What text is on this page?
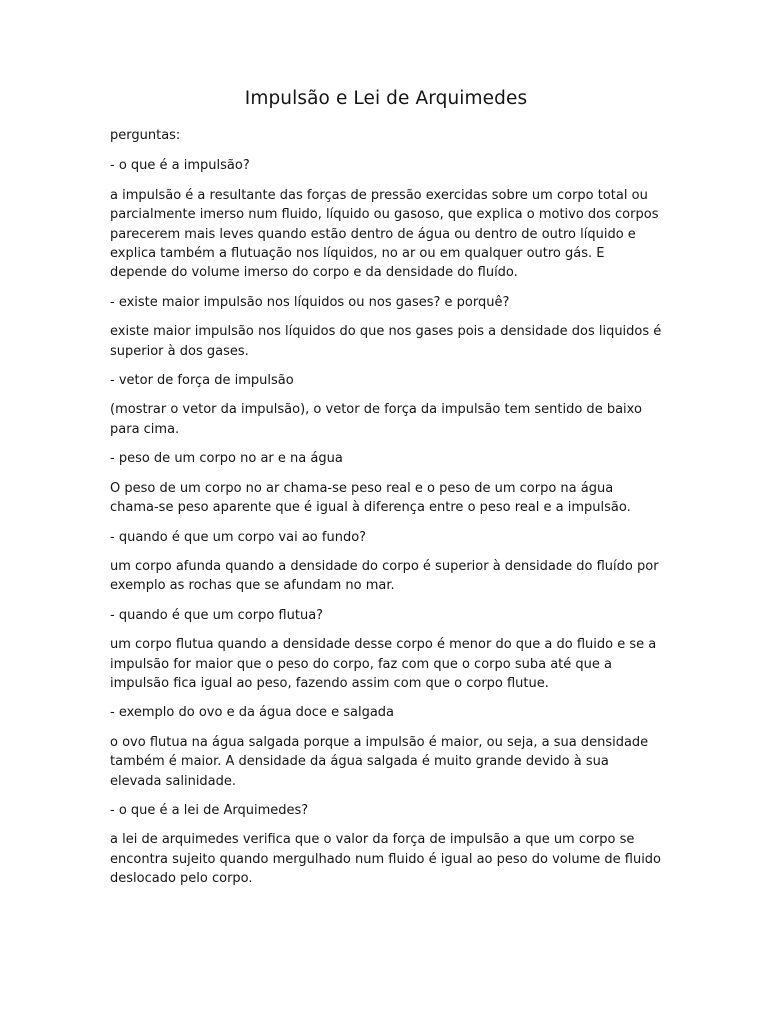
Impulsão e Lei de Arquimedes

perguntas:

- o que é a impulsão?

a impulsão é a resultante das forças de pressão exercidas sobre um corpo total ou parcialmente imerso num fluido, líquido ou gasoso, que explica o motivo dos corpos parecerem mais leves quando estão dentro de água ou dentro de outro líquido e explica também a flutuação nos líquidos, no ar ou em qualquer outro gás. E depende do volume imerso do corpo e da densidade do fluído.

- existe maior impulsão nos líquidos ou nos gases? e porquê?

existe maior impulsão nos líquidos do que nos gases pois a densidade dos liquidos é superior à dos gases.

- vetor de força de impulsão

(mostrar o vetor da impulsão), o vetor de força da impulsão tem sentido de baixo para cima.

- peso de um corpo no ar e na água

O peso de um corpo no ar chama-se peso real e o peso de um corpo na água chama-se peso aparente que é igual à diferença entre o peso real e a impulsão.

- quando é que um corpo vai ao fundo?

um corpo afunda quando a densidade do corpo é superior à densidade do fluído por exemplo as rochas que se afundam no mar.

- quando é que um corpo flutua?

um corpo flutua quando a densidade desse corpo é menor do que a do fluido e se a impulsão for maior que o peso do corpo, faz com que o corpo suba até que a impulsão fica igual ao peso, fazendo assim com que o corpo flutue.

- exemplo do ovo e da água doce e salgada

o ovo flutua na água salgada porque a impulsão é maior, ou seja, a sua densidade também é maior. A densidade da água salgada é muito grande devido à sua elevada salinidade.

- o que é a lei de Arquimedes?

a lei de arquimedes verifica que o valor da força de impulsão a que um corpo se encontra sujeito quando mergulhado num fluido é igual ao peso do volume de fluido deslocado pelo corpo.
